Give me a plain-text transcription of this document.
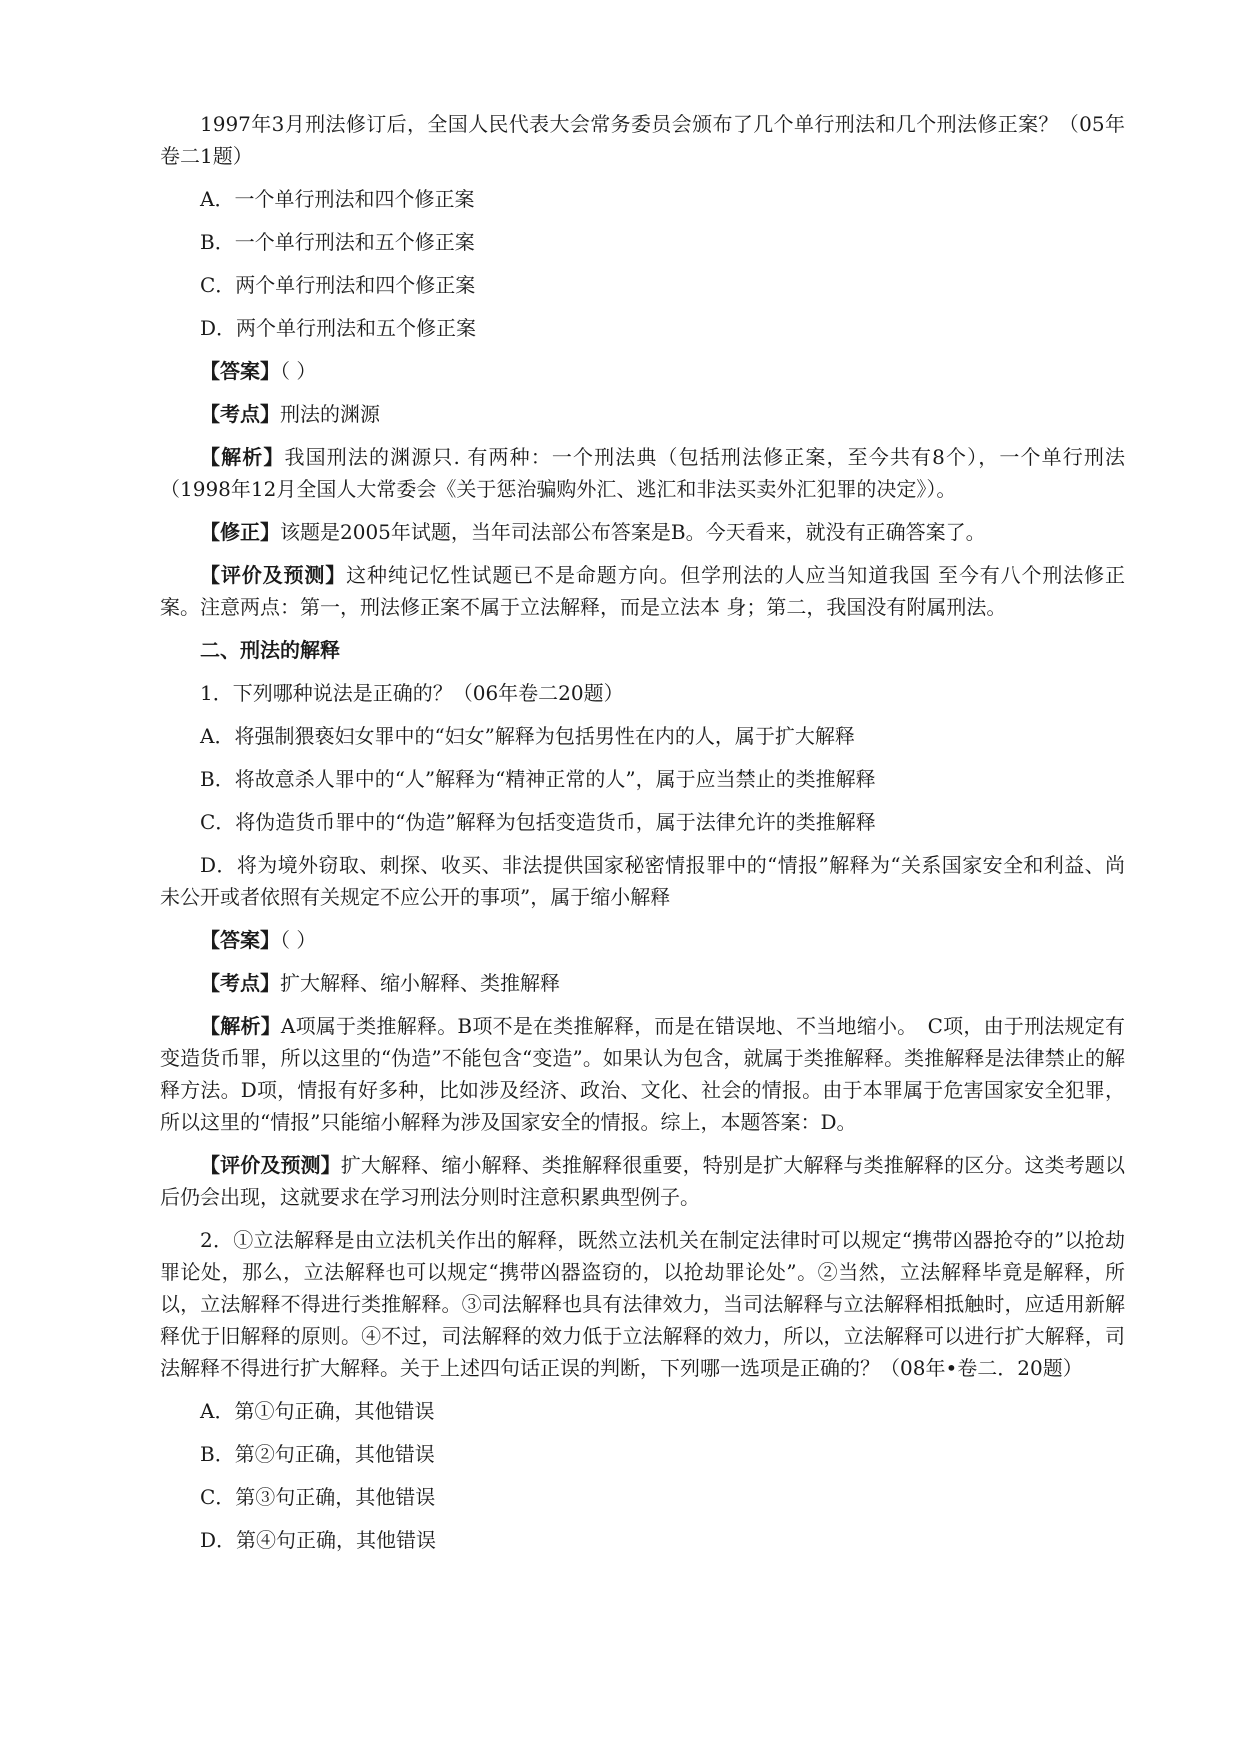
1997年3月刑法修订后，全国人民代表大会常务委员会颁布了几个单行刑法和几个刑法修正案？（05年卷二1题）

A．一个单行刑法和四个修正案

B．一个单行刑法和五个修正案

C．两个单行刑法和四个修正案

D．两个单行刑法和五个修正案

【答案】（ ）

【考点】刑法的渊源

【解析】我国刑法的渊源只. 有两种：一个刑法典（包括刑法修正案，至今共有8个），一个单行刑法（1998年12月全国人大常委会《关于惩治骗购外汇、逃汇和非法买卖外汇犯罪的决定》）。

【修正】该题是2005年试题，当年司法部公布答案是B。今天看来，就没有正确答案了。

【评价及预测】这种纯记忆性试题已不是命题方向。但学刑法的人应当知道我国 至今有八个刑法修正案。注意两点：第一，刑法修正案不属于立法解释，而是立法本 身；第二，我国没有附属刑法。

二、刑法的解释

1．下列哪种说法是正确的？（06年卷二20题）

A．将强制猥亵妇女罪中的“妇女”解释为包括男性在内的人，属于扩大解释

B．将故意杀人罪中的“人”解释为“精神正常的人”，属于应当禁止的类推解释

C．将伪造货币罪中的“伪造”解释为包括变造货币，属于法律允许的类推解释

D．将为境外窃取、刺探、收买、非法提供国家秘密情报罪中的“情报”解释为“关系国家安全和利益、尚未公开或者依照有关规定不应公开的事项”，属于缩小解释

【答案】（ ）

【考点】扩大解释、缩小解释、类推解释

【解析】A项属于类推解释。B项不是在类推解释，而是在错误地、不当地缩小。　C项，由于刑法规定有变造货币罪，所以这里的“伪造”不能包含“变造”。如果认为包含，就属于类推解释。类推解释是法律禁止的解释方法。D项，情报有好多种，比如涉及经济、政治、文化、社会的情报。由于本罪属于危害国家安全犯罪，所以这里的“情报”只能缩小解释为涉及国家安全的情报。综上，本题答案：D。

【评价及预测】扩大解释、缩小解释、类推解释很重要，特别是扩大解释与类推解释的区分。这类考题以后仍会出现，这就要求在学习刑法分则时注意积累典型例子。

2．①立法解释是由立法机关作出的解释，既然立法机关在制定法律时可以规定“携带凶器抢夺的”以抢劫罪论处，那么，立法解释也可以规定“携带凶器盗窃的，以抢劫罪论处”。②当然，立法解释毕竟是解释，所以，立法解释不得进行类推解释。③司法解释也具有法律效力，当司法解释与立法解释相抵触时，应适用新解释优于旧解释的原则。④不过，司法解释的效力低于立法解释的效力，所以，立法解释可以进行扩大解释，司法解释不得进行扩大解释。关于上述四句话正误的判断，下列哪一选项是正确的？（08年•卷二．20题）

A．第①句正确，其他错误

B．第②句正确，其他错误

C．第③句正确，其他错误

D．第④句正确，其他错误
